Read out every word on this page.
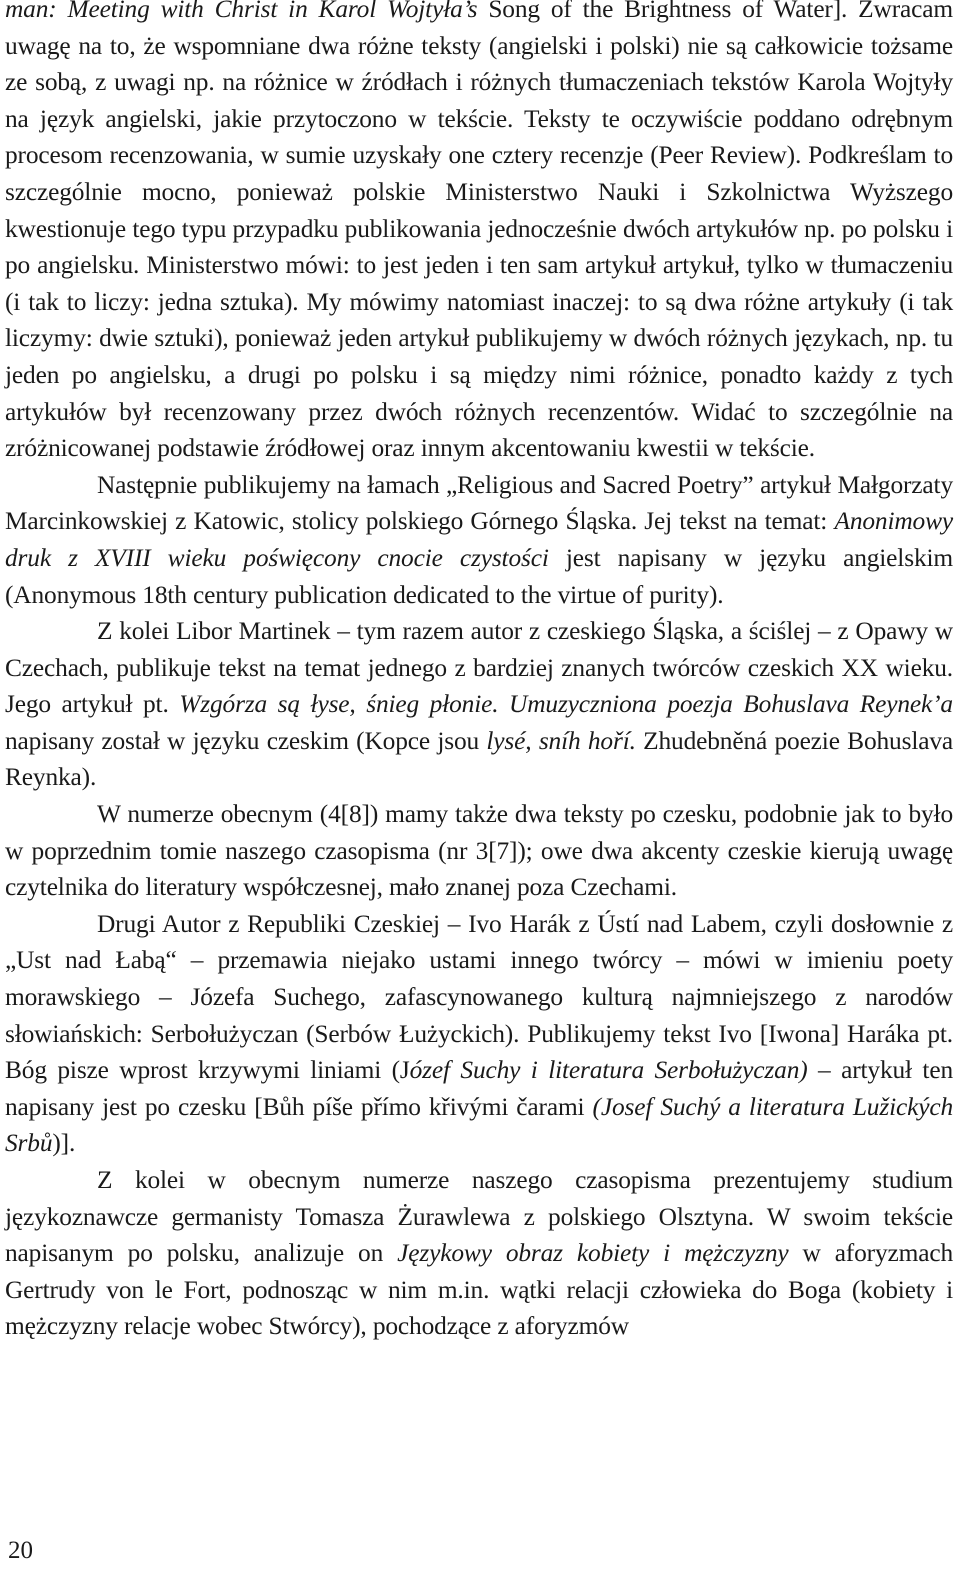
man: Meeting with Christ in Karol Wojtyła’s Song of the Brightness of Water]. Zwracam uwagę na to, że wspomniane dwa różne teksty (angielski i polski) nie są całkowicie tożsame ze sobą, z uwagi np. na różnice w źródłach i różnych tłumaczeniach tekstów Karola Wojtyły na język angielski, jakie przytoczono w tekście. Teksty te oczywiście poddano odrębnym procesom recenzowania, w sumie uzyskały one cztery recenzje (Peer Review). Podkreślam to szczególnie mocno, ponieważ polskie Ministerstwo Nauki i Szkolnictwa Wyższego kwestionuje tego typu przypadku publikowania jednocześnie dwóch artykułów np. po polsku i po angielsku. Ministerstwo mówi: to jest jeden i ten sam artykuł artykuł, tylko w tłumaczeniu (i tak to liczy: jedna sztuka). My mówimy natomiast inaczej: to są dwa różne artykuły (i tak liczymy: dwie sztuki), ponieważ jeden artykuł publikujemy w dwóch różnych językach, np. tu jeden po angielsku, a drugi po polsku i są między nimi różnice, ponadto każdy z tych artykułów był recenzowany przez dwóch różnych recenzentów. Widać to szczególnie na zróżnicowanej podstawie źródłowej oraz innym akcentowaniu kwestii w tekście.

Następnie publikujemy na łamach „Religious and Sacred Poetry” artykuł Małgorzaty Marcinkowskiej z Katowic, stolicy polskiego Górnego Śląska. Jej tekst na temat: Anonimowy druk z XVIII wieku poświęcony cnocie czystości jest napisany w języku angielskim (Anonymous 18th century publication dedicated to the virtue of purity).

Z kolei Libor Martinek – tym razem autor z czeskiego Śląska, a ściślej – z Opawy w Czechach, publikuje tekst na temat jednego z bardziej znanych twórców czeskich XX wieku. Jego artykuł pt. Wzgórza są łyse, śnieg płonie. Umuzyczniona poezja Bohuslava Reynek’a napisany został w języku czeskim (Kopce jsou lysé, sníh hoří. Zhudebněná poezie Bohuslava Reynka).

W numerze obecnym (4[8]) mamy także dwa teksty po czesku, podobnie jak to było w poprzednim tomie naszego czasopisma (nr 3[7]); owe dwa akcenty czeskie kierują uwagę czytelnika do literatury współczesnej, mało znanej poza Czechami.

Drugi Autor z Republiki Czeskiej – Ivo Harák z Ústí nad Labem, czyli dosłownie z „Ust nad Łabą“ – przemawia niejako ustami innego twórcy – mówi w imieniu poety morawskiego – Józefa Suchego, zafascynowanego kulturą najmniejszego z narodów słowiańskich: Serbołużyczan (Serbów Łużyckich). Publikujemy tekst Ivo [Iwona] Haráka pt. Bóg pisze wprost krzywymi liniami (Józef Suchy i literatura Serbołużyczan) – artykuł ten napisany jest po czesku [Bůh píše přímo křivými čarami (Josef Suchý a literatura Lužických Srbů)].

Z kolei w obecnym numerze naszego czasopisma prezentujemy studium językoznawcze germanisty Tomasza Żurawlewa z polskiego Olsztyna. W swoim tekście napisanym po polsku, analizuje on Językowy obraz kobiety i mężczyzny w aforyzmach Gertrudy von le Fort, podnosząc w nim m.in. wątki relacji człowieka do Boga (kobiety i mężczyzny relacje wobec Stwórcy), pochodzące z aforyzmów

20
